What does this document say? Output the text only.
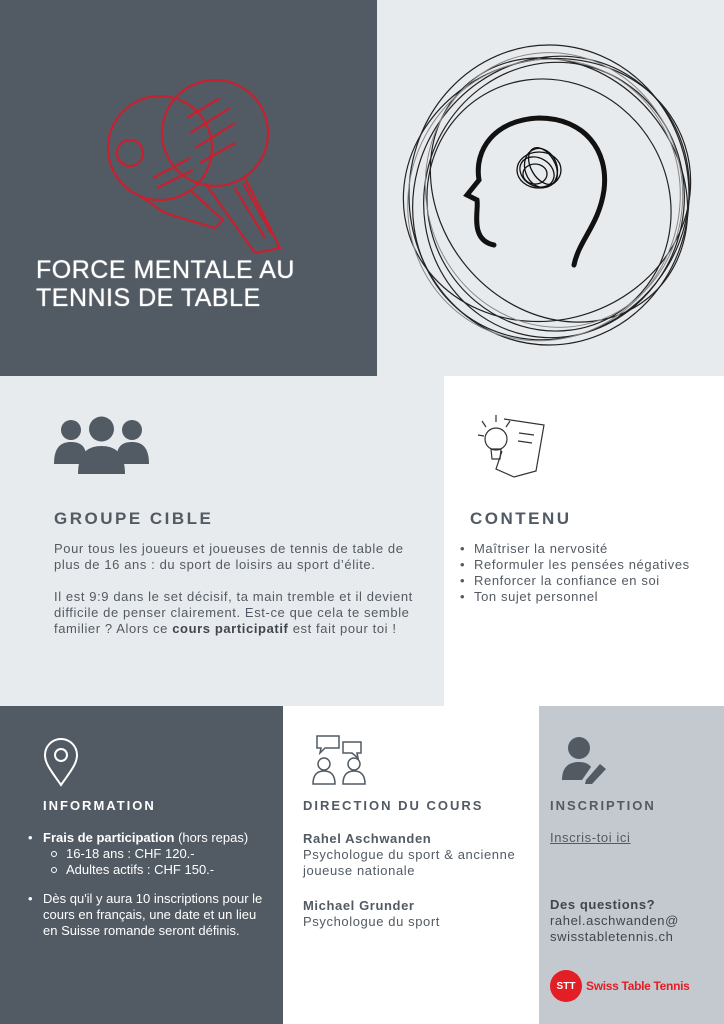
FORCE MENTALE AU
TENNIS DE TABLE
GROUPE CIBLE

Pour tous les joueurs et joueuses de tennis de table de plus de 16 ans : du sport de loisirs au sport d’élite.

Il est 9:9 dans le set décisif, ta main tremble et il devient difficile de penser clairement. Est-ce que cela te semble familier ? Alors ce cours participatif est fait pour toi !

CONTENU
• Maîtriser la nervosité
• Reformuler les pensées négatives
• Renforcer la confiance en soi
• Ton sujet personnel
INFORMATION
• Frais de participation (hors repas)
16-18 ans : CHF 120.-
Adultes actifs : CHF 150.-
• Dès qu'il y aura 10 inscriptions pour le cours en français, une date et un lieu en Suisse romande seront définis.
DIRECTION DU COURS
Rahel Aschwanden
Psychologue du sport & ancienne joueuse nationale
Michael Grunder
Psychologue du sport
INSCRIPTION
Inscris-toi ici
Des questions?
rahel.aschwanden@
swisstabletennis.ch
STT Swiss Table Tennis
